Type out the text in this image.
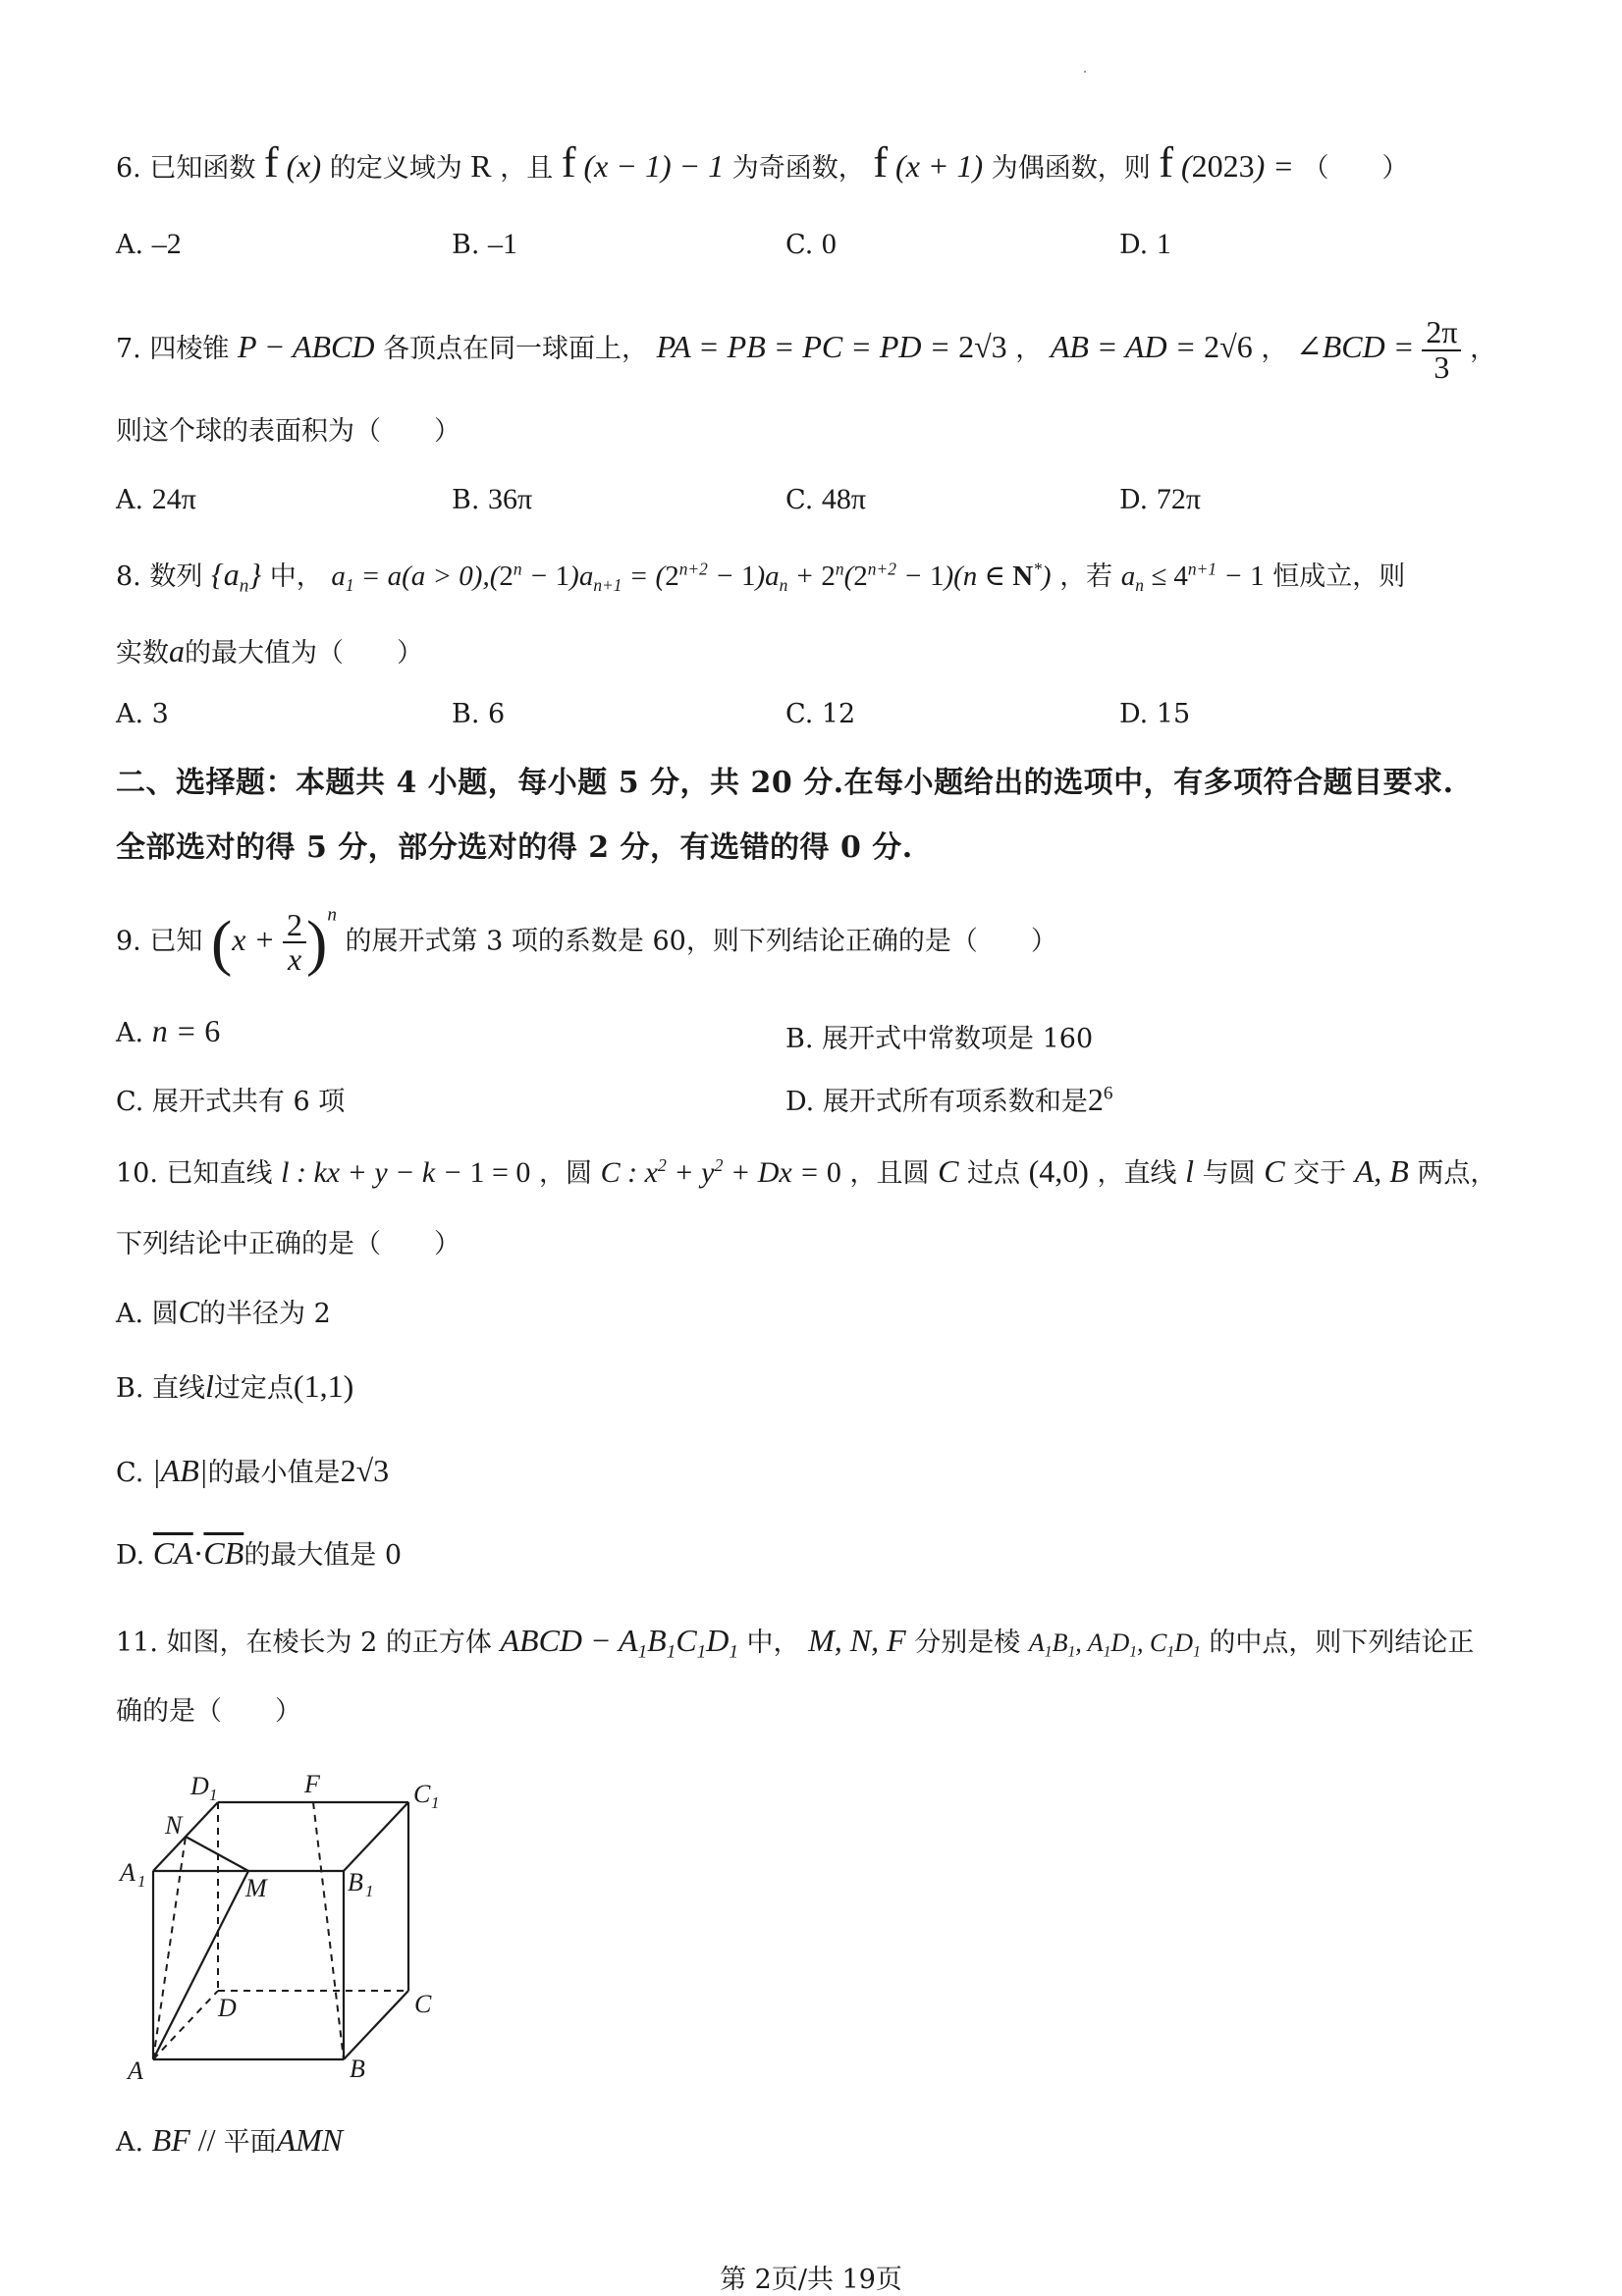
6. 已知函数 f (x) 的定义域为 R ，且 f (x − 1) − 1 为奇函数， f (x + 1) 为偶函数，则 f (2023) = （　　）
A. –2	B. –1	C. 0	D. 1
7. 四棱锥 P − ABCD 各顶点在同一球面上， PA = PB = PC = PD = 2√3 ， AB = AD = 2√6 ， ∠BCD = $\frac{2\pi}{3}$ ，
则这个球的表面积为（　　）
A. 24π	B. 36π	C. 48π	D. 72π
8. 数列 $\{a_n\}$ 中， $a_1 = a(a > 0),(2^n - 1)a_{n+1} = (2^{n+2} - 1)a_n + 2^n(2^{n+2} - 1)(n$ ∈ N*) ，若 $a_n \le 4^{n+1} - 1$ 恒成立，则
实数a的最大值为（　　）
A. 3	B. 6	C. 12	D. 15
二、选择题：本题共 4 小题，每小题 5 分，共 20 分.在每小题给出的选项中，有多项符合题目要求.
全部选对的得 5 分，部分选对的得 2 分，有选错的得 0 分.
9. 已知 $(x + \frac{2}{x} )^n$ 的展开式第 3 项的系数是 60，则下列结论正确的是（　　）
A. n = 6	B. 展开式中常数项是 160
C. 展开式共有 6 项	D. 展开式所有项系数和是$2^6$
10. 已知直线 l : kx + y − k − 1 = 0 ，圆 C : $x^2 + y^2 + Dx = 0$ ，且圆 C 过点 (4,0) ，直线 l 与圆 C 交于 A, B 两点，
下列结论中正确的是（　　）
A. 圆C的半径为 2
B. 直线l过定点(1,1)
C. |AB|的最小值是2√3
D. $\overline{CA}\cdot\overline{CB}$的最大值是 0
11. 如图，在棱长为 2 的正方体 ABCD − $A_1B_1C_1D_1$ 中， M, N, F 分别是棱 $A_1B_1$, $A_1D_1$, $C_1D_1$ 的中点，则下列结论正
确的是（　　）
D 1	F	C 1
N
A 1	M	B 1
D	C
A	B
A. BF // 平面AMN
第 2页/共 19页
